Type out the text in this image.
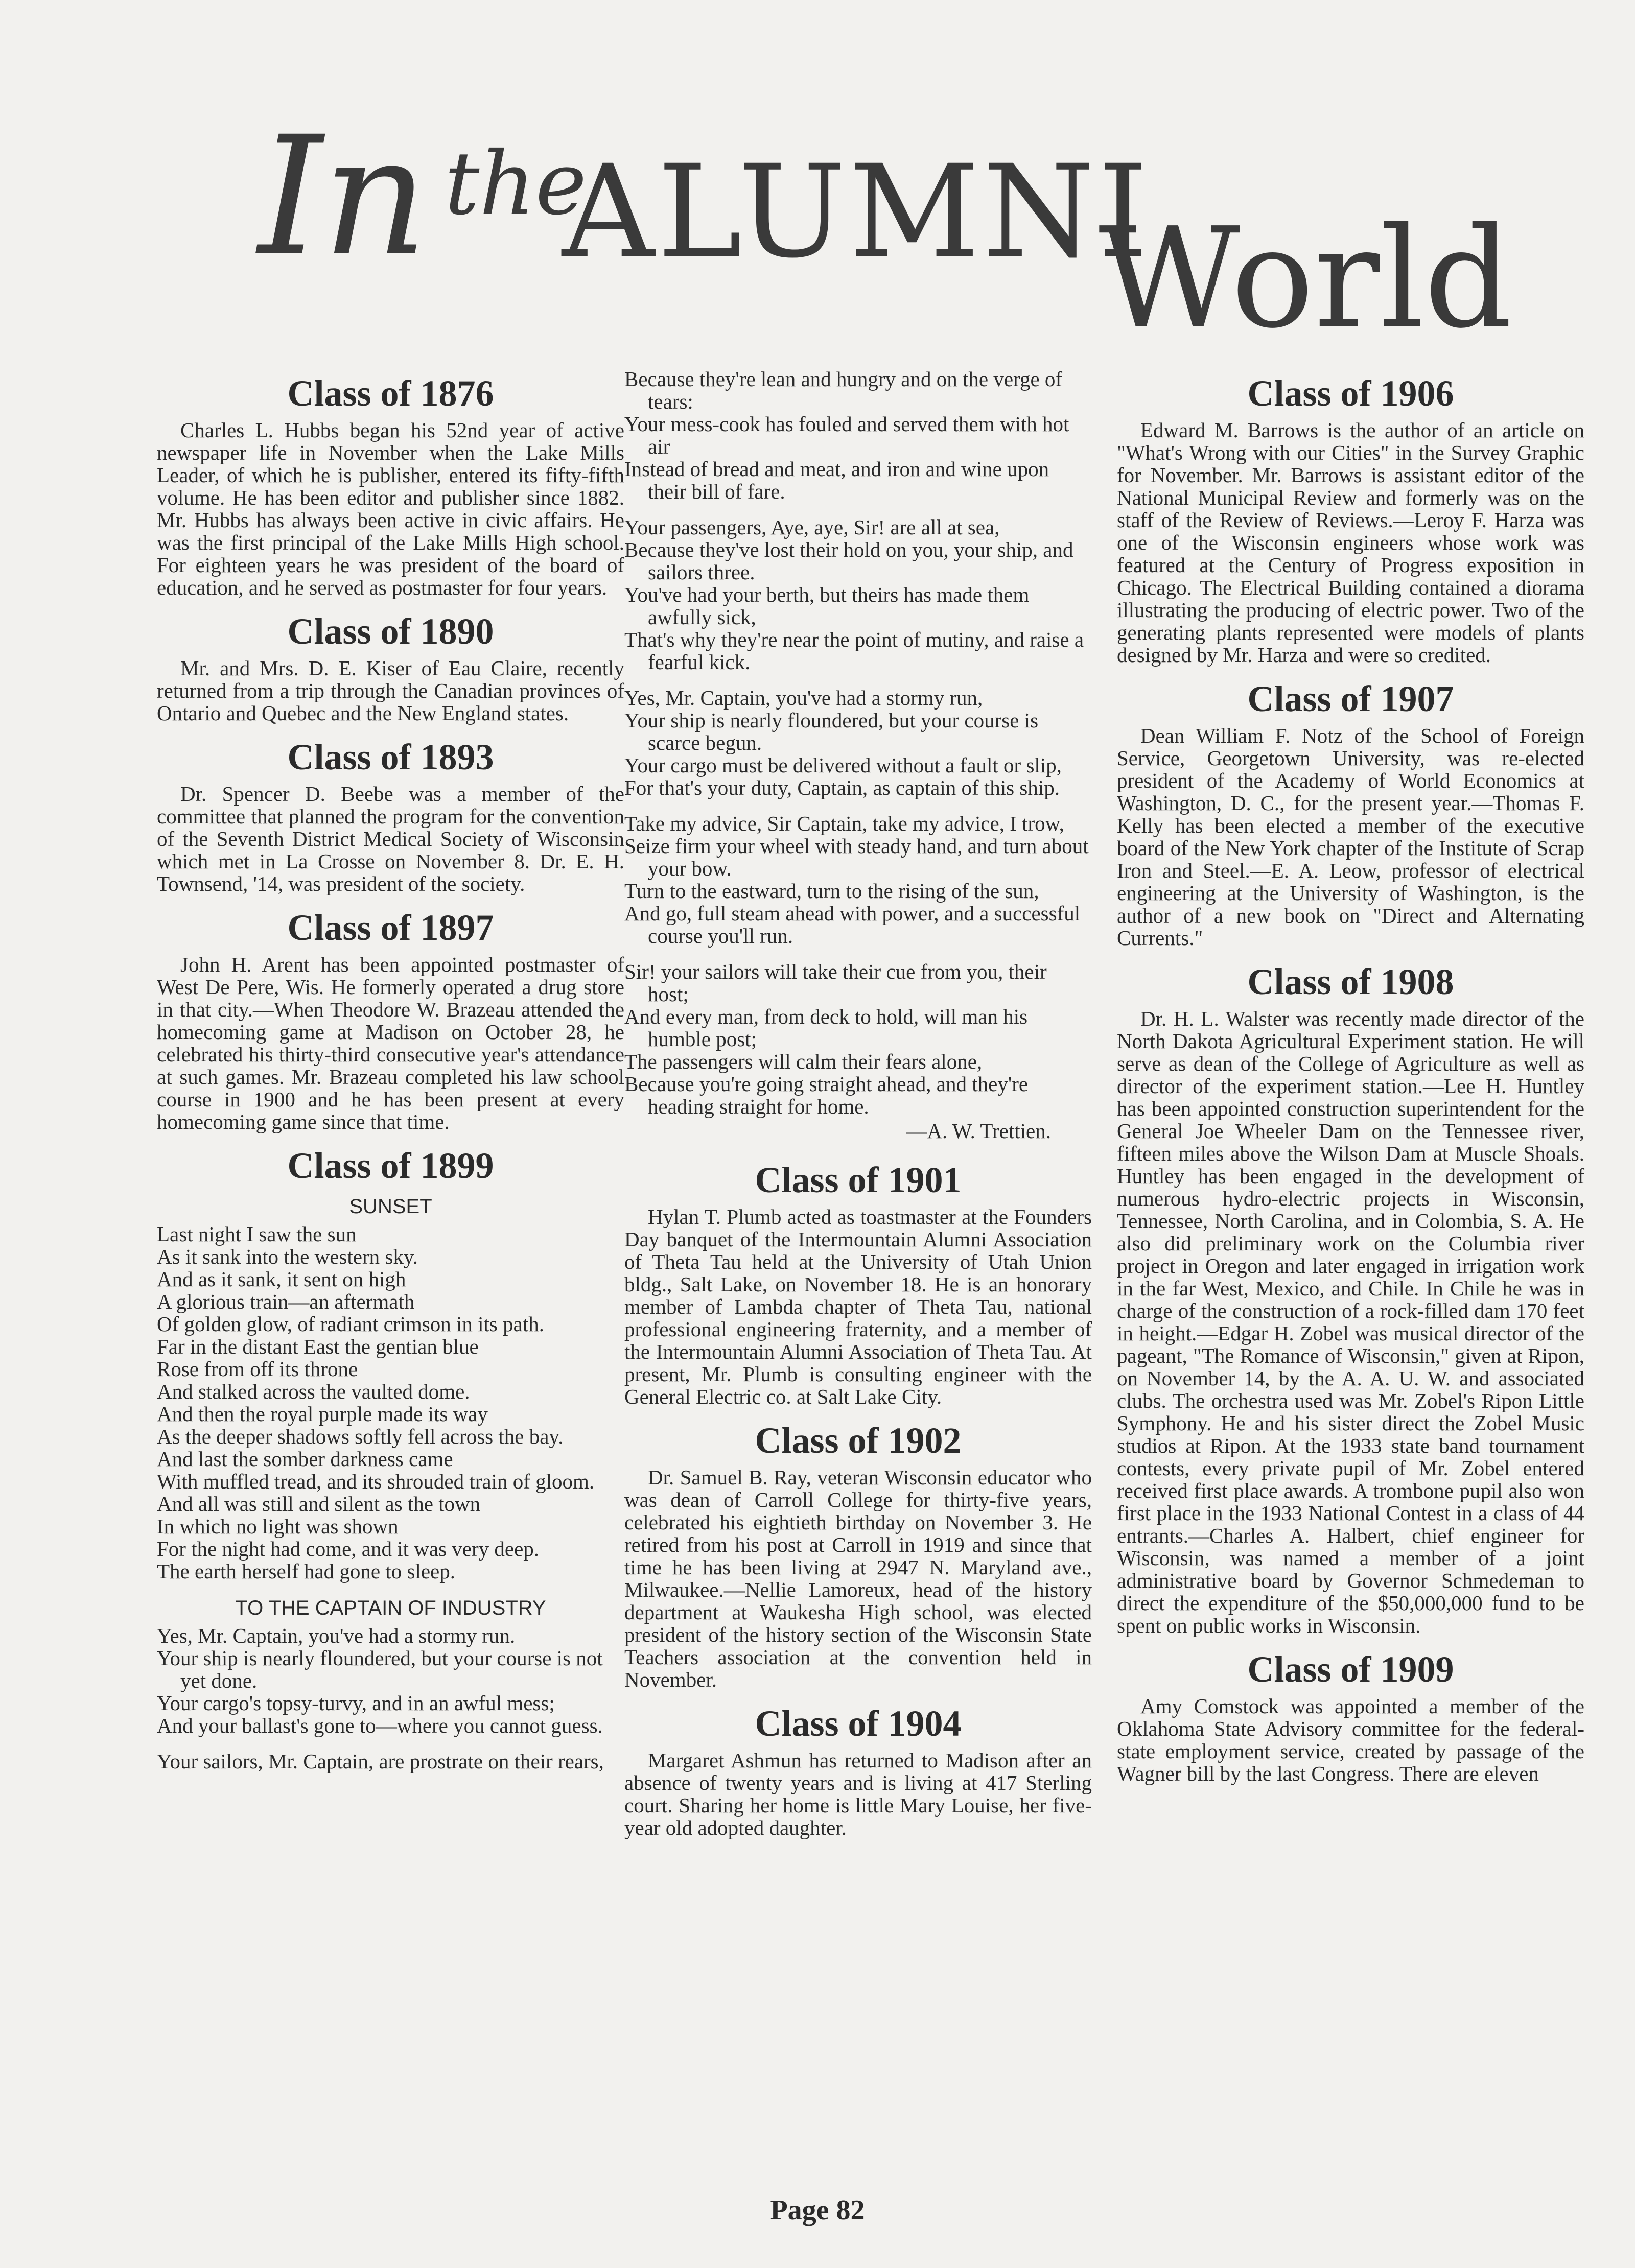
In the
ALUMNI
World
Class of 1876

Charles L. Hubbs began his 52nd year of active newspaper life in November when the Lake Mills Leader, of which he is publisher, entered its fifty-fifth volume. He has been editor and publisher since 1882. Mr. Hubbs has always been active in civic affairs. He was the first principal of the Lake Mills High school. For eighteen years he was president of the board of education, and he served as postmaster for four years.

Class of 1890

Mr. and Mrs. D. E. Kiser of Eau Claire, recently returned from a trip through the Canadian provinces of Ontario and Quebec and the New England states.

Class of 1893

Dr. Spencer D. Beebe was a member of the committee that planned the program for the convention of the Seventh District Medical Society of Wisconsin which met in La Crosse on November 8. Dr. E. H. Townsend, '14, was president of the society.

Class of 1897

John H. Arent has been appointed postmaster of West De Pere, Wis. He formerly operated a drug store in that city.—When Theodore W. Brazeau attended the homecoming game at Madison on October 28, he celebrated his thirty-third consecutive year's attendance at such games. Mr. Brazeau completed his law school course in 1900 and he has been present at every homecoming game since that time.

Class of 1899
SUNSET
Last night I saw the sun
As it sank into the western sky.
And as it sank, it sent on high
A glorious train—an aftermath
Of golden glow, of radiant crimson in its path.
Far in the distant East the gentian blue
Rose from off its throne
And stalked across the vaulted dome.
And then the royal purple made its way
As the deeper shadows softly fell across the bay.
And last the somber darkness came
With muffled tread, and its shrouded train of gloom.
And all was still and silent as the town
In which no light was shown
For the night had come, and it was very deep.
The earth herself had gone to sleep.
TO THE CAPTAIN OF INDUSTRY
Yes, Mr. Captain, you've had a stormy run.
Your ship is nearly floundered, but your course is not yet done.
Your cargo's topsy-turvy, and in an awful mess;
And your ballast's gone to—where you cannot guess.
Your sailors, Mr. Captain, are prostrate on their rears,
Because they're lean and hungry and on the verge of tears:
Your mess-cook has fouled and served them with hot air
Instead of bread and meat, and iron and wine upon their bill of fare.
Your passengers, Aye, aye, Sir! are all at sea,
Because they've lost their hold on you, your ship, and sailors three.
You've had your berth, but theirs has made them awfully sick,
That's why they're near the point of mutiny, and raise a fearful kick.
Yes, Mr. Captain, you've had a stormy run,
Your ship is nearly floundered, but your course is scarce begun.
Your cargo must be delivered without a fault or slip,
For that's your duty, Captain, as captain of this ship.
Take my advice, Sir Captain, take my advice, I trow,
Seize firm your wheel with steady hand, and turn about your bow.
Turn to the eastward, turn to the rising of the sun,
And go, full steam ahead with power, and a successful course you'll run.
Sir! your sailors will take their cue from you, their host;
And every man, from deck to hold, will man his humble post;
The passengers will calm their fears alone,
Because you're going straight ahead, and they're heading straight for home.
—A. W. Trettien.
Class of 1901

Hylan T. Plumb acted as toastmaster at the Founders Day banquet of the Intermountain Alumni Association of Theta Tau held at the University of Utah Union bldg., Salt Lake, on November 18. He is an honorary member of Lambda chapter of Theta Tau, national professional engineering fraternity, and a member of the Intermountain Alumni Association of Theta Tau. At present, Mr. Plumb is consulting engineer with the General Electric co. at Salt Lake City.

Class of 1902

Dr. Samuel B. Ray, veteran Wisconsin educator who was dean of Carroll College for thirty-five years, celebrated his eightieth birthday on November 3. He retired from his post at Carroll in 1919 and since that time he has been living at 2947 N. Maryland ave., Milwaukee.—Nellie Lamoreux, head of the history department at Waukesha High school, was elected president of the history section of the Wisconsin State Teachers association at the convention held in November.

Class of 1904

Margaret Ashmun has returned to Madison after an absence of twenty years and is living at 417 Sterling court. Sharing her home is little Mary Louise, her five-year old adopted daughter.

Class of 1906

Edward M. Barrows is the author of an article on "What's Wrong with our Cities" in the Survey Graphic for November. Mr. Barrows is assistant editor of the National Municipal Review and formerly was on the staff of the Review of Reviews.—Leroy F. Harza was one of the Wisconsin engineers whose work was featured at the Century of Progress exposition in Chicago. The Electrical Building contained a diorama illustrating the producing of electric power. Two of the generating plants represented were models of plants designed by Mr. Harza and were so credited.

Class of 1907

Dean William F. Notz of the School of Foreign Service, Georgetown University, was re-elected president of the Academy of World Economics at Washington, D. C., for the present year.—Thomas F. Kelly has been elected a member of the executive board of the New York chapter of the Institute of Scrap Iron and Steel.—E. A. Leow, professor of electrical engineering at the University of Washington, is the author of a new book on "Direct and Alternating Currents."

Class of 1908

Dr. H. L. Walster was recently made director of the North Dakota Agricultural Experiment station. He will serve as dean of the College of Agriculture as well as director of the experiment station.—Lee H. Huntley has been appointed construction superintendent for the General Joe Wheeler Dam on the Tennessee river, fifteen miles above the Wilson Dam at Muscle Shoals. Huntley has been engaged in the development of numerous hydro-electric projects in Wisconsin, Tennessee, North Carolina, and in Colombia, S. A. He also did preliminary work on the Columbia river project in Oregon and later engaged in irrigation work in the far West, Mexico, and Chile. In Chile he was in charge of the construction of a rock-filled dam 170 feet in height.—Edgar H. Zobel was musical director of the pageant, "The Romance of Wisconsin," given at Ripon, on November 14, by the A. A. U. W. and associated clubs. The orchestra used was Mr. Zobel's Ripon Little Symphony. He and his sister direct the Zobel Music studios at Ripon. At the 1933 state band tournament contests, every private pupil of Mr. Zobel entered received first place awards. A trombone pupil also won first place in the 1933 National Contest in a class of 44 entrants.—Charles A. Halbert, chief engineer for Wisconsin, was named a member of a joint administrative board by Governor Schmedeman to direct the expenditure of the $50,000,000 fund to be spent on public works in Wisconsin.

Class of 1909

Amy Comstock was appointed a member of the Oklahoma State Advisory committee for the federal-state employment service, created by passage of the Wagner bill by the last Congress. There are eleven

Page 82
